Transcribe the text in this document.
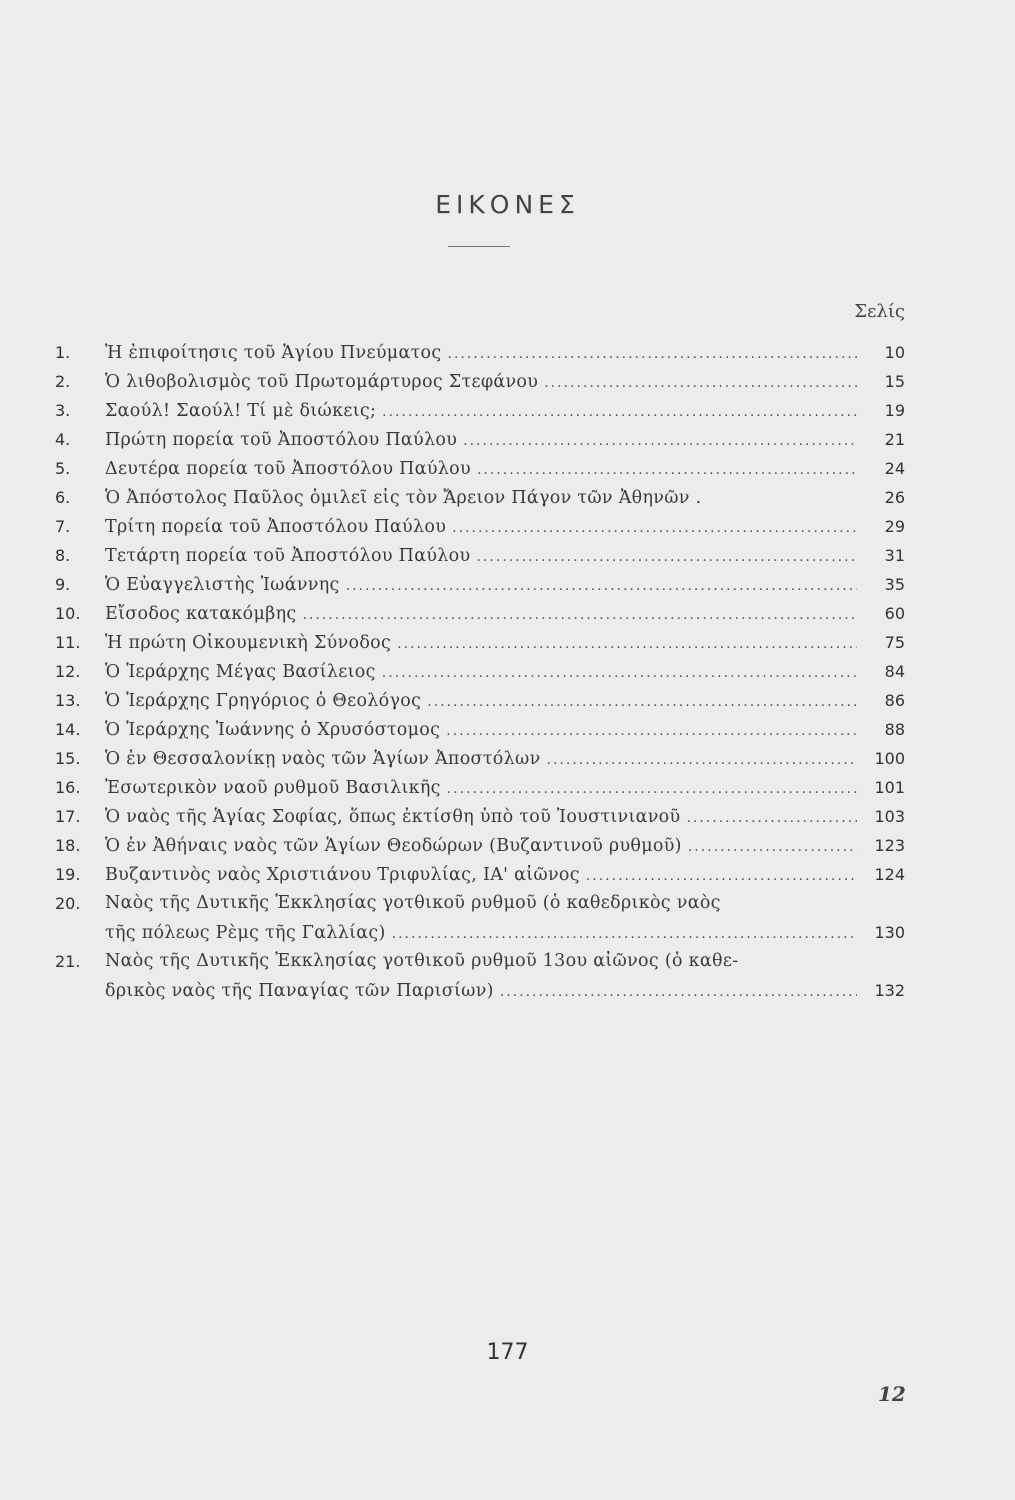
ΕΙΚΟΝΕΣ
Σελίς
1.	Ἡ ἐπιφοίτησις τοῦ Ἁγίου Πνεύματος .....	10
2.	Ὁ λιθοβολισμὸς τοῦ Πρωτομάρτυρος Στεφάνου .....	15
3.	Σαούλ! Σαούλ! Τί μὲ διώκεις; .....	19
4.	Πρώτη πορεία τοῦ Ἀποστόλου Παύλου .....	21
5.	Δευτέρα πορεία τοῦ Ἀποστόλου Παύλου .....	24
6.	Ὁ Ἀπόστολος Παῦλος ὁμιλεῖ εἰς τὸν Ἄρειον Πάγον τῶν Ἀθηνῶν .	26
7.	Τρίτη πορεία τοῦ Ἀποστόλου Παύλου .....	29
8.	Τετάρτη πορεία τοῦ Ἀποστόλου Παύλου .....	31
9.	Ὁ Εὐαγγελιστὴς Ἰωάννης .....	35
10.	Εἴσοδος κατακόμβης .....	60
11.	Ἡ πρώτη Οἰκουμενικὴ Σύνοδος .....	75
12.	Ὁ Ἱεράρχης Μέγας Βασίλειος .....	84
13.	Ὁ Ἱεράρχης Γρηγόριος ὁ Θεολόγος .....	86
14.	Ὁ Ἱεράρχης Ἰωάννης ὁ Χρυσόστομος .....	88
15.	Ὁ ἐν Θεσσαλονίκῃ ναὸς τῶν Ἁγίων Ἀποστόλων .....	100
16.	Ἐσωτερικὸν ναοῦ ρυθμοῦ Βασιλικῆς .....	101
17.	Ὁ ναὸς τῆς Ἁγίας Σοφίας, ὅπως ἐκτίσθη ὑπὸ τοῦ Ἰουστινιανοῦ .....	103
18.	Ὁ ἐν Ἀθήναις ναὸς τῶν Ἁγίων Θεοδώρων (Βυζαντινοῦ ρυθμοῦ) .....	123
19.	Βυζαντινὸς ναὸς Χριστιάνου Τριφυλίας, ΙΑ' αἰῶνος .....	124
20.	Ναὸς τῆς Δυτικῆς Ἐκκλησίας γοτθικοῦ ρυθμοῦ (ὁ καθεδρικὸς ναὸς
τῆς πόλεως Ρὲμς τῆς Γαλλίας) .....	130
21.	Ναὸς τῆς Δυτικῆς Ἐκκλησίας γοτθικοῦ ρυθμοῦ 13ου αἰῶνος (ὁ καθε-
δρικὸς ναὸς τῆς Παναγίας τῶν Παρισίων) .....	132
177
12
